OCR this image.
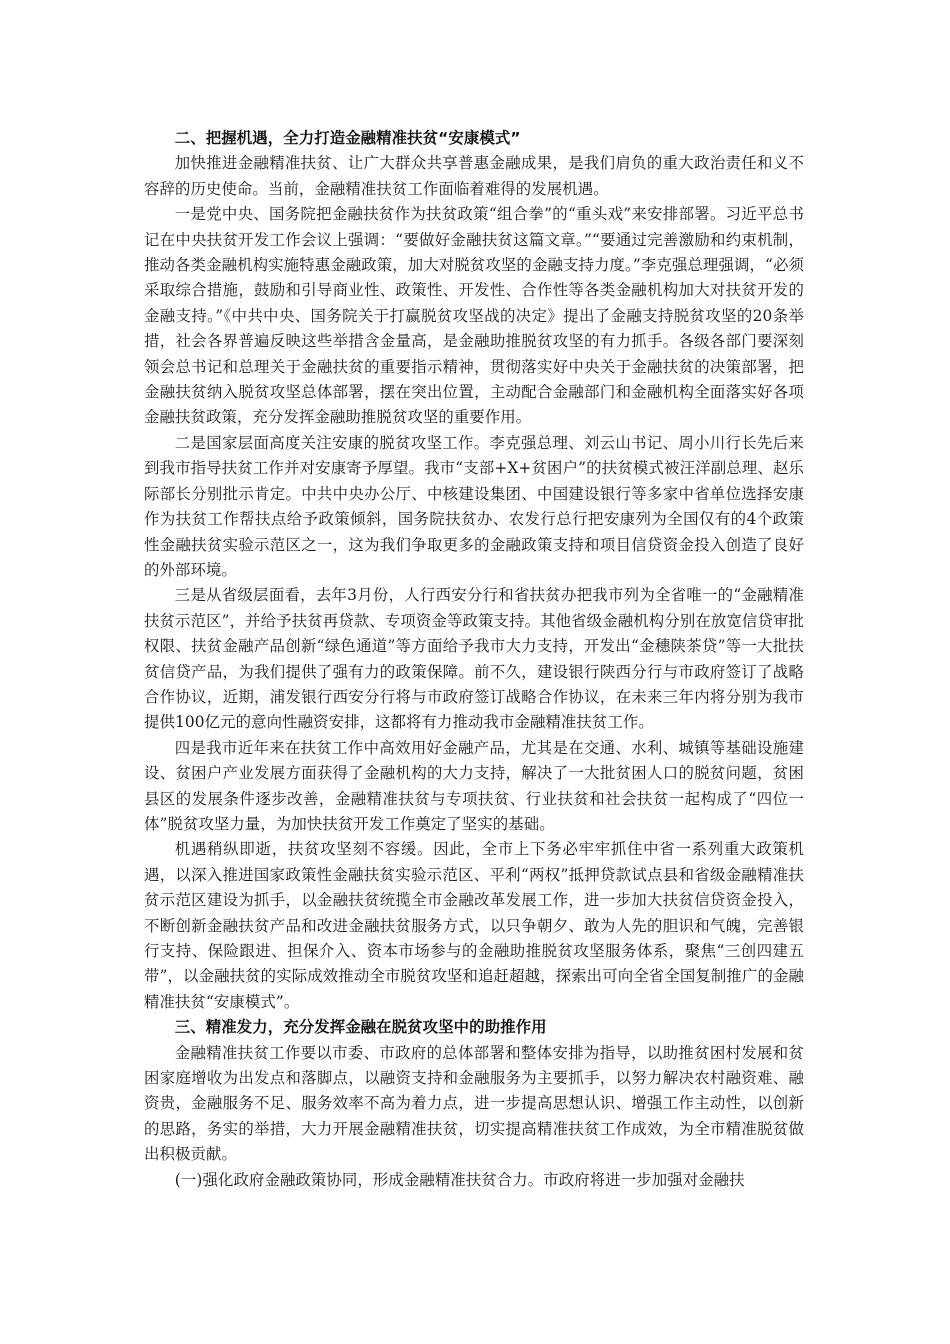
二、把握机遇，全力打造金融精准扶贫“安康模式”

加快推进金融精准扶贫、让广大群众共享普惠金融成果，是我们肩负的重大政治责任和义不容辞的历史使命。当前，金融精准扶贫工作面临着难得的发展机遇。

一是党中央、国务院把金融扶贫作为扶贫政策“组合拳”的“重头戏”来安排部署。习近平总书记在中央扶贫开发工作会议上强调：“要做好金融扶贫这篇文章。”“要通过完善激励和约束机制，推动各类金融机构实施特惠金融政策，加大对脱贫攻坚的金融支持力度。”李克强总理强调，“必须采取综合措施，鼓励和引导商业性、政策性、开发性、合作性等各类金融机构加大对扶贫开发的金融支持。”《中共中央、国务院关于打赢脱贫攻坚战的决定》提出了金融支持脱贫攻坚的20条举措，社会各界普遍反映这些举措含金量高，是金融助推脱贫攻坚的有力抓手。各级各部门要深刻领会总书记和总理关于金融扶贫的重要指示精神，贯彻落实好中央关于金融扶贫的决策部署，把金融扶贫纳入脱贫攻坚总体部署，摆在突出位置，主动配合金融部门和金融机构全面落实好各项金融扶贫政策，充分发挥金融助推脱贫攻坚的重要作用。

二是国家层面高度关注安康的脱贫攻坚工作。李克强总理、刘云山书记、周小川行长先后来到我市指导扶贫工作并对安康寄予厚望。我市“支部+X+贫困户”的扶贫模式被汪洋副总理、赵乐际部长分别批示肯定。中共中央办公厅、中核建设集团、中国建设银行等多家中省单位选择安康作为扶贫工作帮扶点给予政策倾斜，国务院扶贫办、农发行总行把安康列为全国仅有的4个政策性金融扶贫实验示范区之一，这为我们争取更多的金融政策支持和项目信贷资金投入创造了良好的外部环境。

三是从省级层面看，去年3月份，人行西安分行和省扶贫办把我市列为全省唯一的“金融精准扶贫示范区”，并给予扶贫再贷款、专项资金等政策支持。其他省级金融机构分别在放宽信贷审批权限、扶贫金融产品创新“绿色通道”等方面给予我市大力支持，开发出“金穗陕茶贷”等一大批扶贫信贷产品，为我们提供了强有力的政策保障。前不久，建设银行陕西分行与市政府签订了战略合作协议，近期，浦发银行西安分行将与市政府签订战略合作协议，在未来三年内将分别为我市提供100亿元的意向性融资安排，这都将有力推动我市金融精准扶贫工作。

四是我市近年来在扶贫工作中高效用好金融产品，尤其是在交通、水利、城镇等基础设施建设、贫困户产业发展方面获得了金融机构的大力支持，解决了一大批贫困人口的脱贫问题，贫困县区的发展条件逐步改善，金融精准扶贫与专项扶贫、行业扶贫和社会扶贫一起构成了“四位一体”脱贫攻坚力量，为加快扶贫开发工作奠定了坚实的基础。

机遇稍纵即逝，扶贫攻坚刻不容缓。因此，全市上下务必牢牢抓住中省一系列重大政策机遇，以深入推进国家政策性金融扶贫实验示范区、平利“两权”抵押贷款试点县和省级金融精准扶贫示范区建设为抓手，以金融扶贫统揽全市金融改革发展工作，进一步加大扶贫信贷资金投入，不断创新金融扶贫产品和改进金融扶贫服务方式，以只争朝夕、敢为人先的胆识和气魄，完善银行支持、保险跟进、担保介入、资本市场参与的金融助推脱贫攻坚服务体系，聚焦“三创四建五带”，以金融扶贫的实际成效推动全市脱贫攻坚和追赶超越，探索出可向全省全国复制推广的金融精准扶贫“安康模式”。

三、精准发力，充分发挥金融在脱贫攻坚中的助推作用

金融精准扶贫工作要以市委、市政府的总体部署和整体安排为指导，以助推贫困村发展和贫困家庭增收为出发点和落脚点，以融资支持和金融服务为主要抓手，以努力解决农村融资难、融资贵，金融服务不足、服务效率不高为着力点，进一步提高思想认识、增强工作主动性，以创新的思路，务实的举措，大力开展金融精准扶贫，切实提高精准扶贫工作成效，为全市精准脱贫做出积极贡献。

(一)强化政府金融政策协同，形成金融精准扶贫合力。市政府将进一步加强对金融扶
